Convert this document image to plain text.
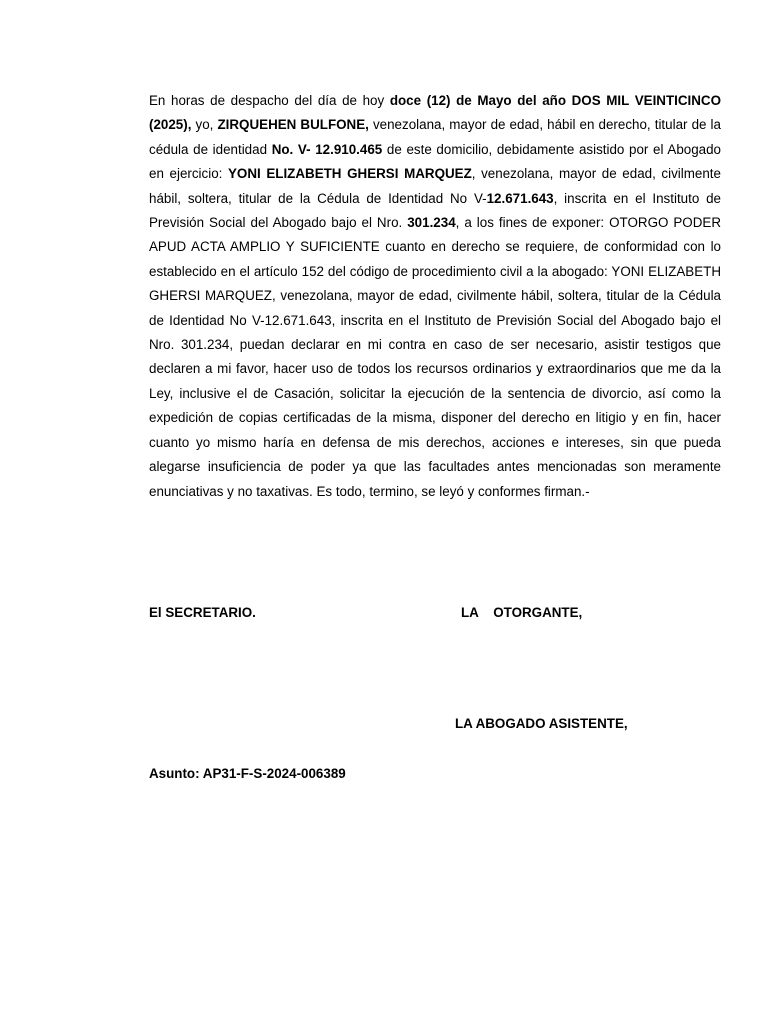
En horas de despacho del día de hoy doce (12) de Mayo del año DOS MIL VEINTICINCO (2025), yo, ZIRQUEHEN BULFONE, venezolana, mayor de edad, hábil en derecho, titular de la cédula de identidad No. V- 12.910.465 de este domicilio, debidamente asistido por el Abogado en ejercicio: YONI ELIZABETH GHERSI MARQUEZ, venezolana, mayor de edad, civilmente hábil, soltera, titular de la Cédula de Identidad No V-12.671.643, inscrita en el Instituto de Previsión Social del Abogado bajo el Nro. 301.234, a los fines de exponer: OTORGO PODER APUD ACTA AMPLIO Y SUFICIENTE cuanto en derecho se requiere, de conformidad con lo establecido en el artículo 152 del código de procedimiento civil a la abogado: YONI ELIZABETH GHERSI MARQUEZ, venezolana, mayor de edad, civilmente hábil, soltera, titular de la Cédula de Identidad No V-12.671.643, inscrita en el Instituto de Previsión Social del Abogado bajo el Nro. 301.234, puedan declarar en mi contra en caso de ser necesario, asistir testigos que declaren a mi favor, hacer uso de todos los recursos ordinarios y extraordinarios que me da la Ley, inclusive el de Casación, solicitar la ejecución de la sentencia de divorcio, así como la expedición de copias certificadas de la misma, disponer del derecho en litigio y en fin, hacer cuanto yo mismo haría en defensa de mis derechos, acciones e intereses, sin que pueda alegarse insuficiencia de poder ya que las facultades antes mencionadas son meramente enunciativas y no taxativas. Es todo, termino, se leyó y conformes firman.-

El SECRETARIO.	LA    OTORGANTE,
LA ABOGADO ASISTENTE,
Asunto: AP31-F-S-2024-006389
